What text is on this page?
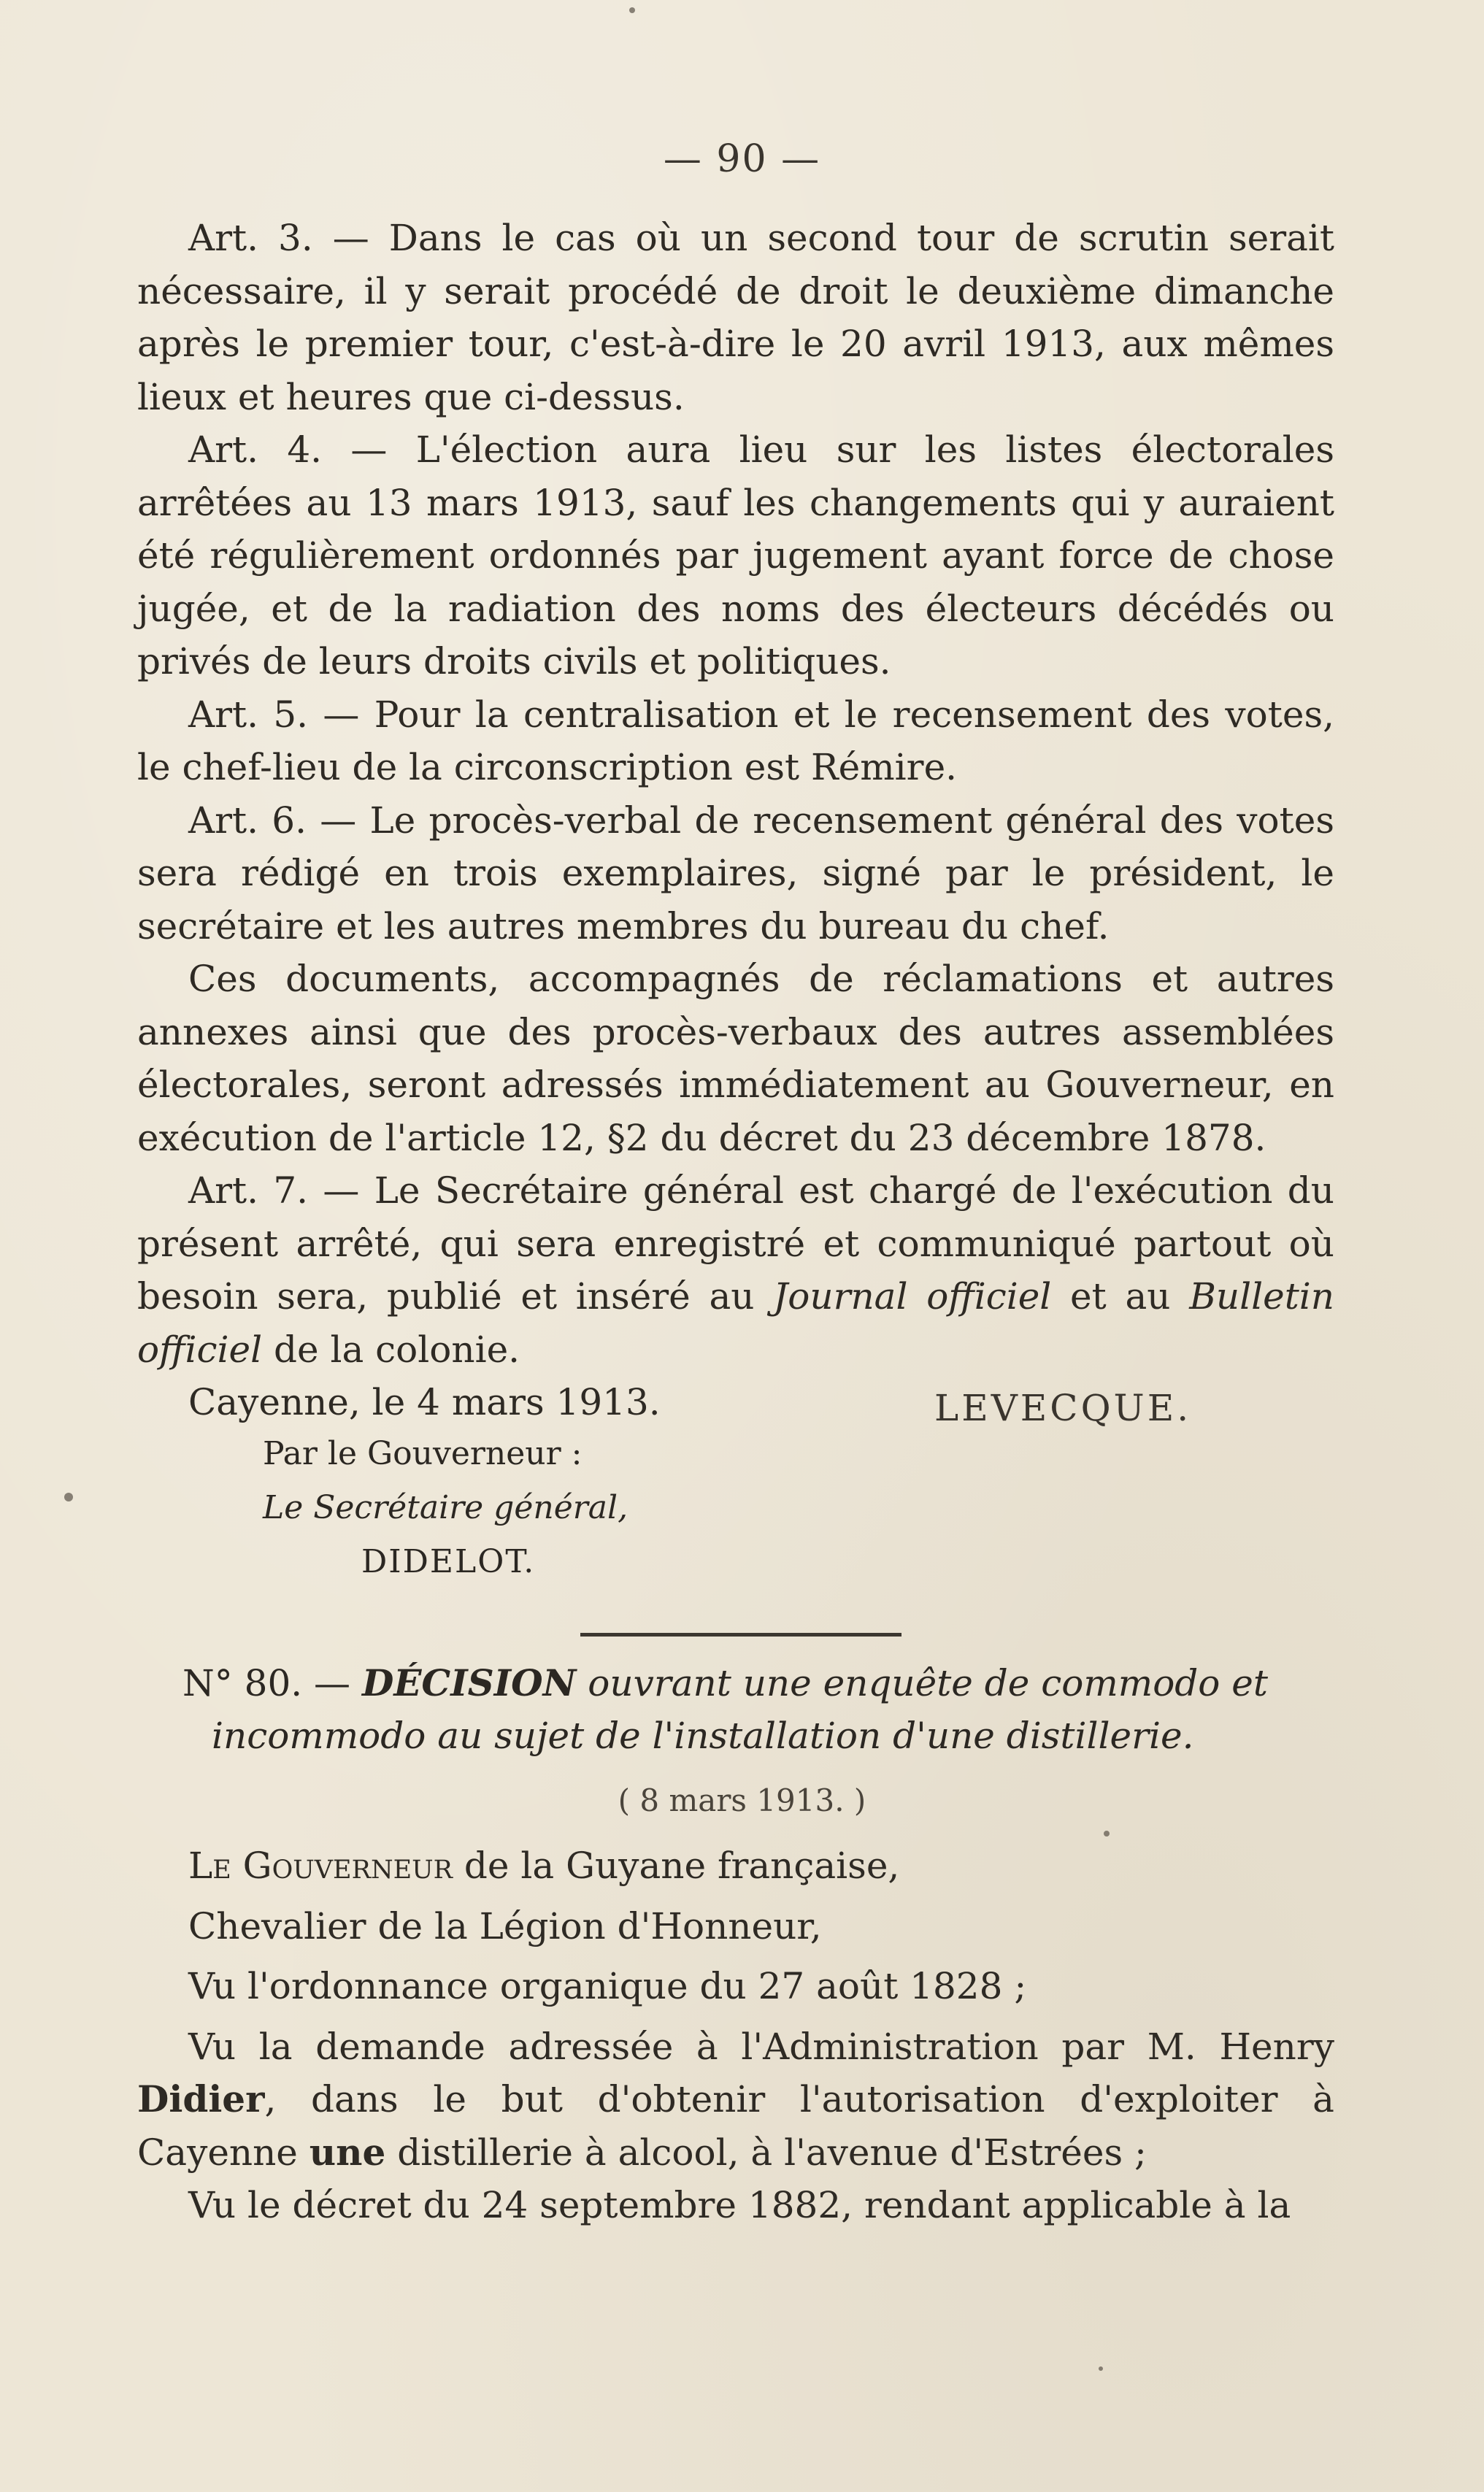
— 90 —

Art. 3. — Dans le cas où un second tour de scrutin serait nécessaire, il y serait procédé de droit le deuxième dimanche après le premier tour, c'est-à-dire le 20 avril 1913, aux mêmes lieux et heures que ci-dessus.

Art. 4. — L'élection aura lieu sur les listes électorales arrêtées au 13 mars 1913, sauf les changements qui y auraient été régulièrement ordonnés par jugement ayant force de chose jugée, et de la radiation des noms des électeurs décédés ou privés de leurs droits civils et politiques.

Art. 5. — Pour la centralisation et le recensement des votes, le chef-lieu de la circonscription est Rémire.

Art. 6. — Le procès-verbal de recensement général des votes sera rédigé en trois exemplaires, signé par le président, le secrétaire et les autres membres du bureau du chef.

Ces documents, accompagnés de réclamations et autres annexes ainsi que des procès-verbaux des autres assemblées électorales, seront adressés immédiatement au Gouverneur, en exécution de l'article 12, §2 du décret du 23 décembre 1878.

Art. 7. — Le Secrétaire général est chargé de l'exécution du présent arrêté, qui sera enregistré et communiqué partout où besoin sera, publié et inséré au Journal officiel et au Bulletin officiel de la colonie.

Cayenne, le 4 mars 1913.	LEVECQUE.
Par le Gouverneur :
Le Secrétaire général,
DIDELOT.
N° 80. — DÉCISION ouvrant une enquête de commodo et
incommodo au sujet de l'installation d'une distillerie.
( 8 mars 1913. )

Le Gouverneur de la Guyane française,

Chevalier de la Légion d'Honneur,

Vu l'ordonnance organique du 27 août 1828 ;

Vu la demande adressée à l'Administration par M. Henry Didier, dans le but d'obtenir l'autorisation d'exploiter à Cayenne une distillerie à alcool, à l'avenue d'Estrées ;

Vu le décret du 24 septembre 1882, rendant applicable à la
